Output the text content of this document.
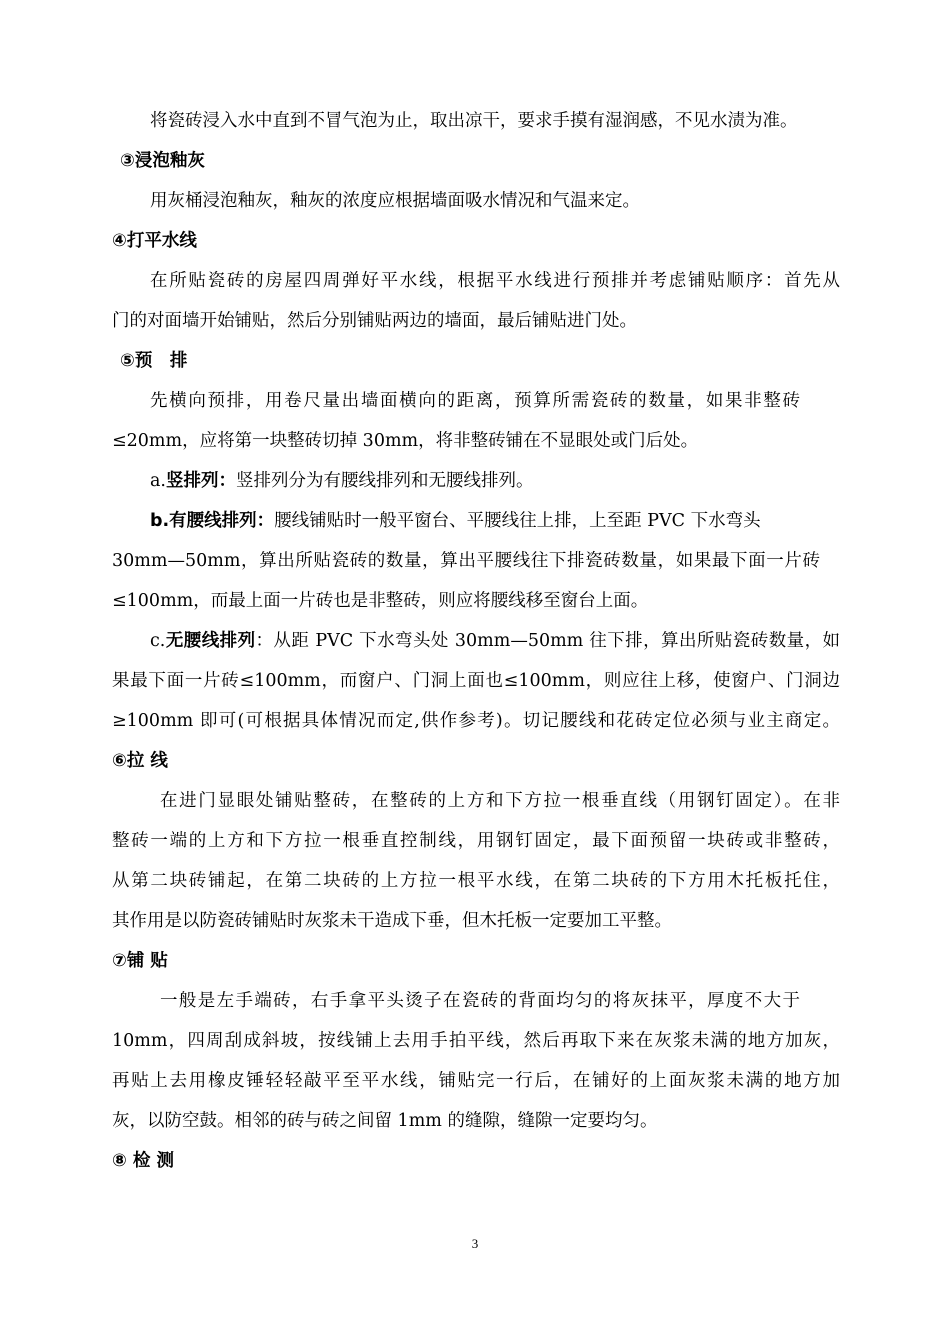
将瓷砖浸入水中直到不冒气泡为止，取出凉干，要求手摸有湿润感，不见水渍为准。
③浸泡釉灰
用灰桶浸泡釉灰，釉灰的浓度应根据墙面吸水情况和气温来定。
④打平水线
在所贴瓷砖的房屋四周弹好平水线，根据平水线进行预排并考虑铺贴顺序：首先从
门的对面墙开始铺贴，然后分别铺贴两边的墙面，最后铺贴进门处。
⑤预　排
先横向预排，用卷尺量出墙面横向的距离，预算所需瓷砖的数量，如果非整砖
≤20mm，应将第一块整砖切掉 30mm，将非整砖铺在不显眼处或门后处。
a.竖排列：竖排列分为有腰线排列和无腰线排列。
b.有腰线排列：腰线铺贴时一般平窗台、平腰线往上排，上至距 PVC 下水弯头
30mm—50mm，算出所贴瓷砖的数量，算出平腰线往下排瓷砖数量，如果最下面一片砖
≤100mm，而最上面一片砖也是非整砖，则应将腰线移至窗台上面。
c.无腰线排列：从距 PVC 下水弯头处 30mm—50mm 往下排，算出所贴瓷砖数量，如
果最下面一片砖≤100mm，而窗户、门洞上面也≤100mm，则应往上移，使窗户、门洞边
≥100mm 即可(可根据具体情况而定,供作参考)。切记腰线和花砖定位必须与业主商定。
⑥拉 线
在进门显眼处铺贴整砖，在整砖的上方和下方拉一根垂直线（用钢钉固定）。在非
整砖一端的上方和下方拉一根垂直控制线，用钢钉固定，最下面预留一块砖或非整砖，
从第二块砖铺起，在第二块砖的上方拉一根平水线，在第二块砖的下方用木托板托住，
其作用是以防瓷砖铺贴时灰浆未干造成下垂，但木托板一定要加工平整。
⑦铺 贴
一般是左手端砖，右手拿平头烫子在瓷砖的背面均匀的将灰抹平，厚度不大于
10mm，四周刮成斜坡，按线铺上去用手拍平线，然后再取下来在灰浆未满的地方加灰，
再贴上去用橡皮锤轻轻敲平至平水线，铺贴完一行后，在铺好的上面灰浆未满的地方加
灰，以防空鼓。相邻的砖与砖之间留 1mm 的缝隙，缝隙一定要均匀。
⑧ 检 测
3
